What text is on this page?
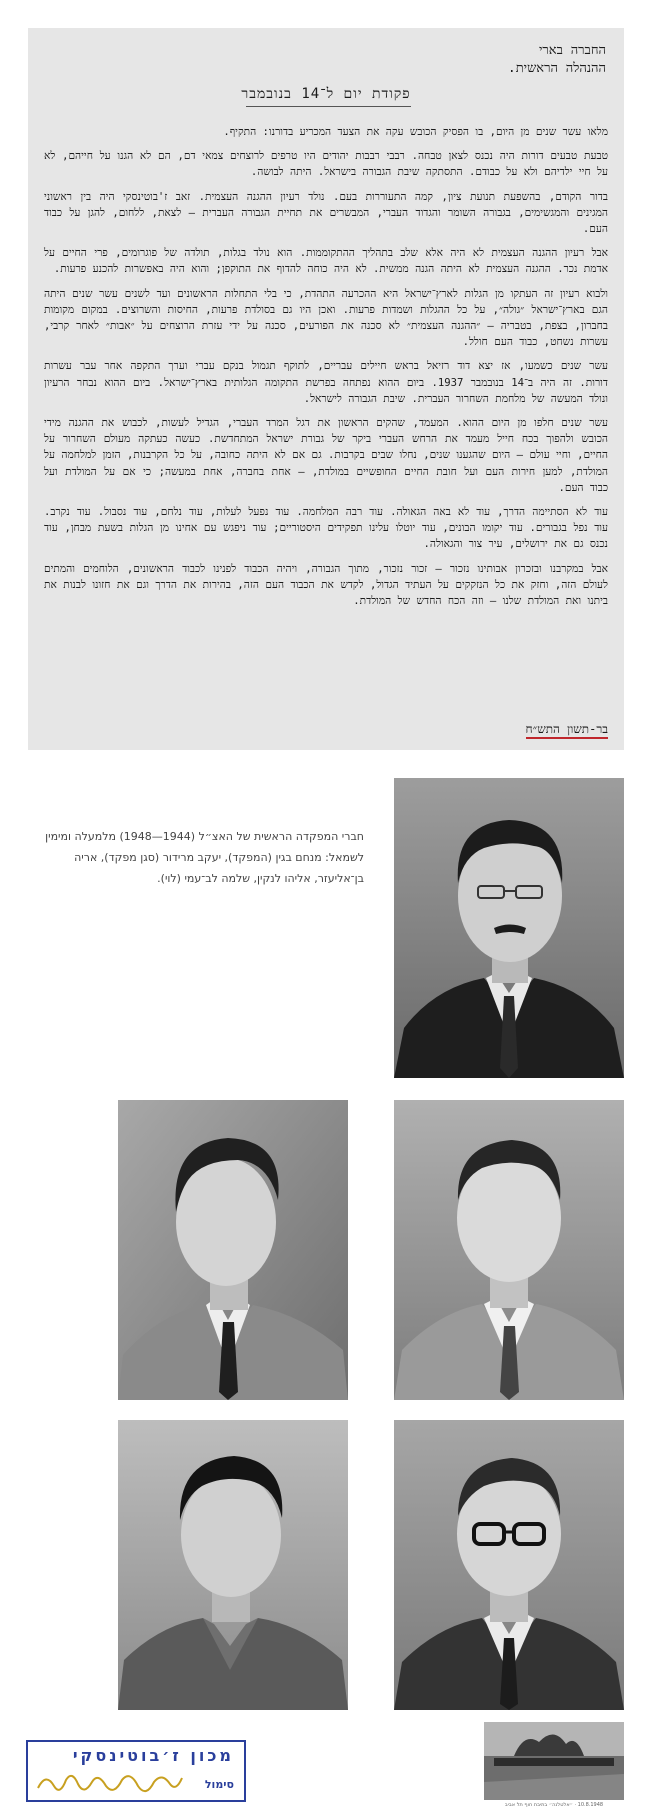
החברה בארי
ההנהלה הראשית.
פקודת יום ל־14 בנובמבר

מלאו עשר שנים מן היום, בו הפסיק הכובש עקה את הצעד המכריע בדורנו: התקיף.

טבעת טבעים דורות היה נכנס לצאן טבחה. רבבי רבבות יהודים היו טרפים לרוצחים צמאי דם, הם לא הגנו על חייהם, לא על חיי ילדיהם ולא על כבודם. התסתקה שיבת הגבורה בישראל. היתה לבושה.

בדור הקודם, בהשפעת תנועת ציון, קמה התעוררות בעם. נולד רעיון ההגנה העצמית. זאב ז'בוטינסקי היה בין ראשוני המגינים והמגשימים, בגבורה השומר והגדוד העברי, המבשרים את תחיית הגבורה העברית — לצאת, ללחום, להגן על כבוד העם.

אבל רעיון ההגנה העצמית לא היה אלא שלב בתהליך ההתקוממות. הוא נולד בגלות, תולדה של פוגרומים, פרי החיים על אדמת נכר. ההגנה העצמית לא היתה הגנה ממשית. לא היה כוחה להדוף את התוקפן; והוא היה באפשרות להכנע פרעות.

ולבוא רעיון זה העתקו מן הגלות לארץ־ישראל היא ההכרעה התהדת, כי בלי התחלות הראשונים ועד לשנים עשר שנים היתה הגם בארץ־ישראל ״גולה״, על כל ההגלות ושמדות פרעות. ואכן היו גם בסולדת פרעות, החיסות והשרוצים. במקום מקומות בחברון, בצפת, בטבריה — ״ההגנה העצמית״ לא סכנה את הפורעים, סכנה על ידי עזרת הרוצחים על ״אבות״ לאחר קרבי, עשרות נשחט, כבוד העם חולל.

עשר שנים כשמעו, אז יצא דוד רזיאל בראש חיילים עבריים, לתוקף תגמול בנקם עברי וערך התקפה אחר עבר עשרות דורות. זה היה ב־14 בנובמבר 1937. ביום ההוא נפתחה בפרשת התקומה הגלותית בארץ־ישראל. ביום ההוא נבחר הרעיון ונולד המעשה של מלחמת השחרור העברית. שיבת הגבורה לישראל.

עשר שנים חלפו מן היום ההוא. המעמד, שהקים הראשון את דגל המרד העברי, הגדיל לעשות, לכבוש את ההגנה מידי הכובש ולהפוך בכח חייל מעמד את הרחש העברי ביקר של גבורת ישראל המתחדשת. כעשה כעתקה מעולם השחרור על החיים, וחיי עולם — היום שהגענו שנים, נחלו שבים בקרבות. גם אם לא היתה כחובה, על כל הקרבנות, הזמן למלחמה על המולדת, למען חירות העם ועל חובת החיים החופשיים במולדת, — אחת בחברה, אחת במעשה; כי אם על המולדת ועל כבוד העם.

עוד לא הסתיימה הדרך, עוד לא באה הגאולה. עוד רבה המלחמה. עוד נפעל לעלות, עוד נלחם, עוד נסבול. עוד נקרב. עוד נפל בגבורים. עוד יקומו הבונים, עוד יוטלו עלינו תפקידים היסטוריים; עוד ניפגש עם אחינו מן הגלות בשעת מבחן, עוד נכנס גם את ירושלים, עיר צור והגאולה.

אבל במקרבנו ובזכרון אבותינו נזכור — זכור נזכור, מתוך הגבורה, ויהיה הכבוד לפנינו לכבוד הראשונים, הלוחמים והמתים לעולם הזה, וחזק את כל הנזקקים על העתיד הגדול, לקדש את הכבוד העם הזה, בהירות את הדרך וגם את חזונו לבנות את ביתנו ואת המולדת שלנו — וזה הכח החדש של המולדת.

בר-תשון התש״ח
חברי המפקדה הראשית של האצ״ל (1944—1948) מלמעלה ומימין לשמאל: מנחם בגין (המפקד), יעקב מרידור (סגן מפקד), אריה בן־אליעזר, אליהו לנקין, שלמה לב־עמי (לוי).
מכון ז׳בוטינסקי
סימול
10.8.1948 · ״אלטלנה״ בתיבת חוף תל אביב
